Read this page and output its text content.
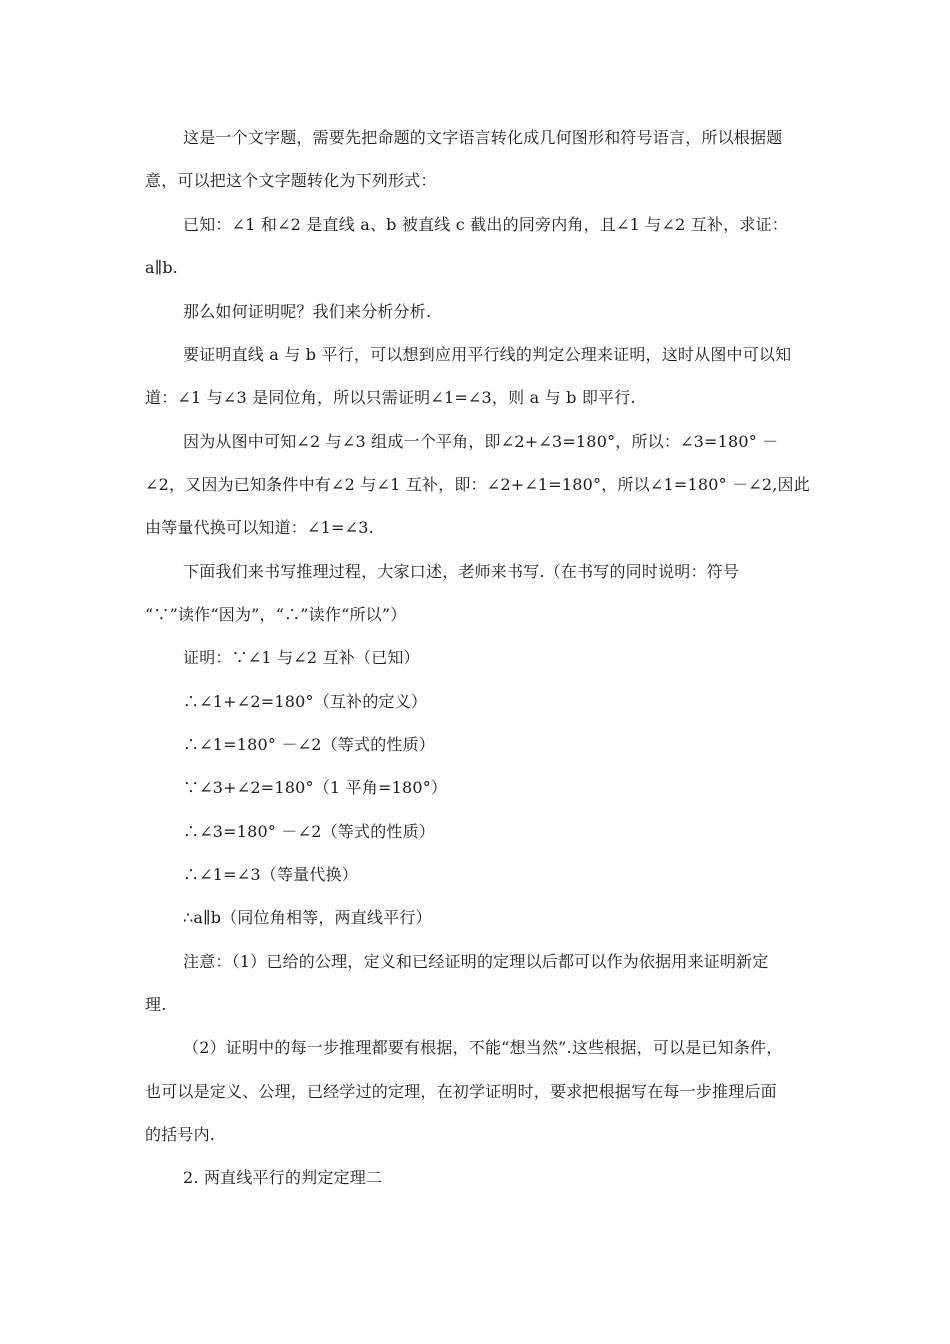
这是一个文字题，需要先把命题的文字语言转化成几何图形和符号语言，所以根据题
意，可以把这个文字题转化为下列形式：
已知：∠1 和∠2 是直线 a、b 被直线 c 截出的同旁内角，且∠1 与∠2 互补，求证：
a∥b.
那么如何证明呢？我们来分析分析.
要证明直线 a 与 b 平行，可以想到应用平行线的判定公理来证明，这时从图中可以知
道：∠1 与∠3 是同位角，所以只需证明∠1=∠3，则 a 与 b 即平行.
因为从图中可知∠2 与∠3 组成一个平角，即∠2+∠3=180°，所以：∠3=180° －
∠2，又因为已知条件中有∠2 与∠1 互补，即：∠2+∠1=180°，所以∠1=180° －∠2,因此
由等量代换可以知道：∠1=∠3.
下面我们来书写推理过程，大家口述，老师来书写.（在书写的同时说明：符号
“∵”读作“因为”，“∴”读作“所以”）
证明：∵∠1 与∠2 互补（已知）
∴∠1+∠2=180°（互补的定义）
∴∠1=180° －∠2（等式的性质）
∵∠3+∠2=180°（1 平角=180°）
∴∠3=180° －∠2（等式的性质）
∴∠1=∠3（等量代换）
∴a∥b（同位角相等，两直线平行）
注意：（1）已给的公理，定义和已经证明的定理以后都可以作为依据用来证明新定
理.
（2）证明中的每一步推理都要有根据，不能“想当然”.这些根据，可以是已知条件，
也可以是定义、公理，已经学过的定理，在初学证明时，要求把根据写在每一步推理后面
的括号内.
2. 两直线平行的判定定理二
